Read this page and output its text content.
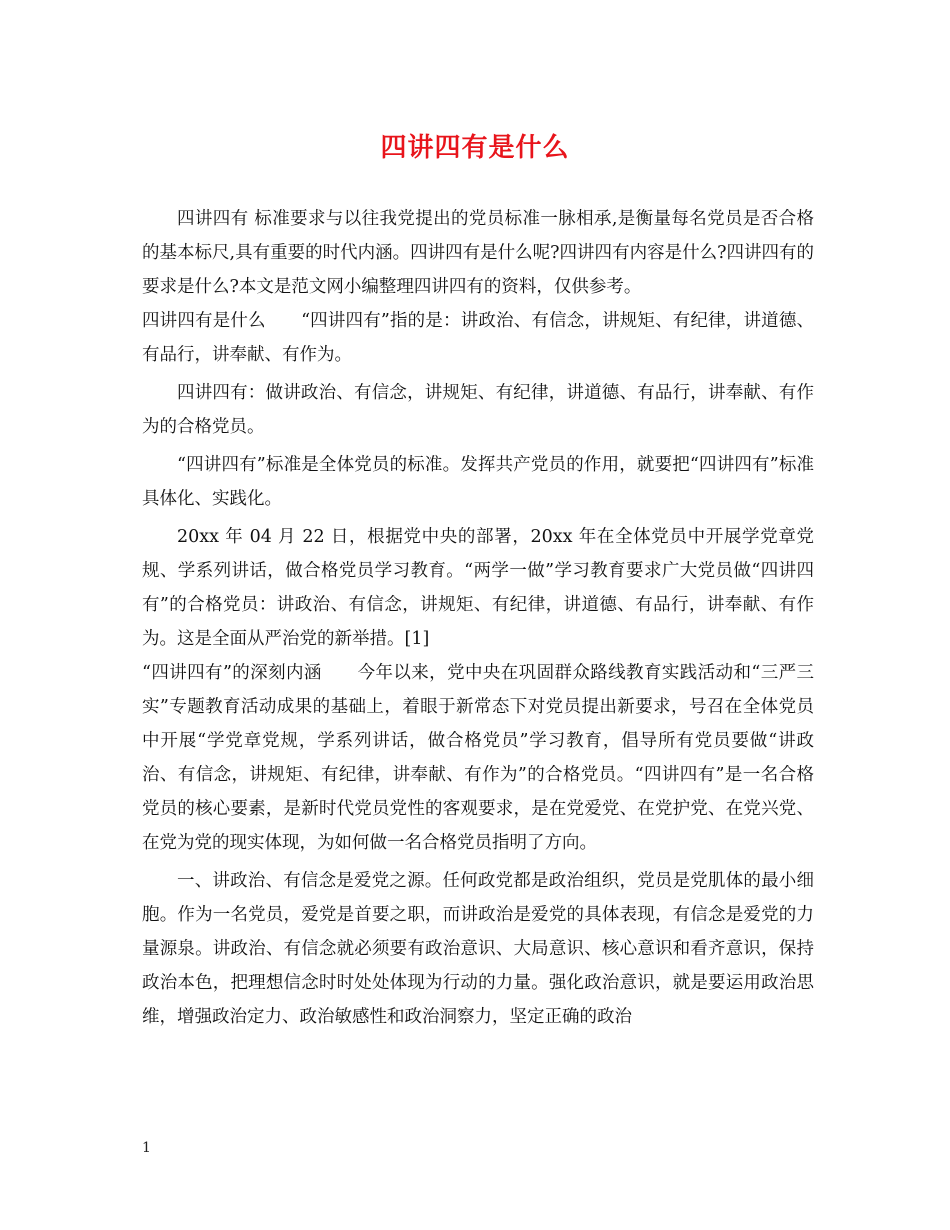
四讲四有是什么

四讲四有 标准要求与以往我党提出的党员标准一脉相承,是衡量每名党员是否合格的基本标尺,具有重要的时代内涵。四讲四有是什么呢?四讲四有内容是什么?四讲四有的要求是什么?本文是范文网小编整理四讲四有的资料，仅供参考。

四讲四有是什么　　“四讲四有”指的是：讲政治、有信念，讲规矩、有纪律，讲道德、有品行，讲奉献、有作为。

四讲四有：做讲政治、有信念，讲规矩、有纪律，讲道德、有品行，讲奉献、有作为的合格党员。

“四讲四有”标准是全体党员的标准。发挥共产党员的作用，就要把“四讲四有”标准具体化、实践化。

20xx 年 04 月 22 日，根据党中央的部署，20xx 年在全体党员中开展学党章党规、学系列讲话，做合格党员学习教育。“两学一做”学习教育要求广大党员做“四讲四有”的合格党员：讲政治、有信念，讲规矩、有纪律，讲道德、有品行，讲奉献、有作为。这是全面从严治党的新举措。[1]

“四讲四有”的深刻内涵　　今年以来，党中央在巩固群众路线教育实践活动和“三严三实”专题教育活动成果的基础上，着眼于新常态下对党员提出新要求，号召在全体党员中开展“学党章党规，学系列讲话，做合格党员”学习教育，倡导所有党员要做“讲政治、有信念，讲规矩、有纪律，讲奉献、有作为”的合格党员。“四讲四有”是一名合格党员的核心要素，是新时代党员党性的客观要求，是在党爱党、在党护党、在党兴党、在党为党的现实体现，为如何做一名合格党员指明了方向。

一、讲政治、有信念是爱党之源。任何政党都是政治组织，党员是党肌体的最小细胞。作为一名党员，爱党是首要之职，而讲政治是爱党的具体表现，有信念是爱党的力量源泉。讲政治、有信念就必须要有政治意识、大局意识、核心意识和看齐意识，保持政治本色，把理想信念时时处处体现为行动的力量。强化政治意识，就是要运用政治思维，增强政治定力、政治敏感性和政治洞察力，坚定正确的政治

1
